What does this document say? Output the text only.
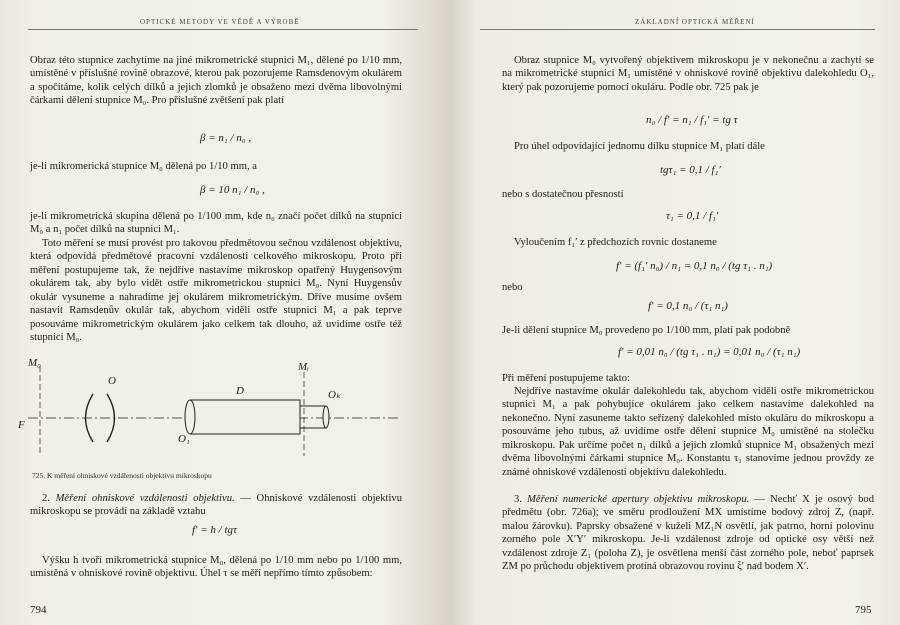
OPTICKÉ METODY VE VĚDĚ A VÝROBĚ

Obraz této stupnice zachytíme na jiné mikrometrické stupnici M₁, dělené po 1/10 mm, umístěné v příslušné rovině obrazové, kterou pak pozorujeme Ramsdenovým okulárem a spočítáme, kolik celých dílků a jejich zlomků je obsaženo mezi dvěma libovolnými čárkami dělení stupnice M₀. Pro příslušné zvětšení pak platí

β = n₁ / n₀ ,

je-li mikromerická stupnice M₀ dělená po 1/10 mm, a

β = 10 n₁ / n₀ ,

je-li mikrometrická skupina dělená po 1/100 mm, kde n₀ značí počet dílků na stupnici M₀ a n₁ počet dílků na stupnici M₁.

Toto měření se musí provést pro takovou předmětovou sečnou vzdálenost objektivu, která odpovídá předmětové pracovní vzdálenosti celkového mikroskopu. Proto při měření postupujeme tak, že nejdříve nastavíme mikroskop opatřený Huygensovým okulárem tak, aby bylo vidět ostře mikrometrickou stupnici M₀. Nyní Huygensův okulár vysuneme a nahradíme jej okulárem mikrometrickým. Dříve musíme ovšem nastavit Ramsdenův okulár tak, abychom viděli ostře stupnici M₁ a pak teprve posouváme mikrometrickým okulárem jako celkem tak dlouho, až uvidíme ostře též stupnici M₀.

M₀
O
D
Mᵢ
Oₖ
F
O₁
725. K měření ohniskové vzdálenosti objektivu mikroskopu

2. Měření ohniskové vzdálenosti objektivu. — Ohniskové vzdálenosti objektivu mikroskopu se provádí na základě vztahu

f′ = h / tgτ

Výšku h tvoří mikrometrická stupnice M₀, dělená po 1/10 mm nebo po 1/100 mm, umístěná v ohniskové rovině objektivu. Úhel τ se měří nepřímo tímto způsobem:

794
ZÁKLADNÍ OPTICKÁ MĚŘENÍ

Obraz stupnice M₀ vytvořený objektivem mikroskopu je v nekonečnu a zachytí se na mikrometrické stupnici M₁ umístěné v ohniskové rovině objektivu dalekohledu O₁, který pak pozorujeme pomocí okuláru. Podle obr. 725 pak je

n₀ / f′ = n₁ / f₁′ = tg τ

Pro úhel odpovídající jednomu dílku stupnice M₁ platí dále

tgτ₁ = 0,1 / f₁′

nebo s dostatečnou přesností

τ₁ = 0,1 / f₁′

Vyloučením f₁′ z předchozích rovnic dostaneme

f′ = (f₁′ n₀) / n₁ = 0,1 n₀ / (tg τ₁ . n₁)

nebo

f′ = 0,1 n₀ / (τ₁ n₁)

Je-li dělení stupnice M₀ provedeno po 1/100 mm, platí pak podobně

f′ = 0,01 n₀ / (tg τ₁ . n₁) = 0,01 n₀ / (τ₁ n₁)

Při měření postupujeme takto:

Nejdříve nastavíme okulár dalekohledu tak, abychom viděli ostře mikrometrickou stupnici M₁ a pak pohybujíce okulárem jako celkem nastavíme dalekohled na nekonečno. Nyní zasuneme takto seřízený dalekohled místo okuláru do mikroskopu a posouváme jeho tubus, až uvidíme ostře dělení stupnice M₀ umístěné na stolečku mikroskopu. Pak určíme počet n₁ dílků a jejich zlomků stupnice M₁ obsažených mezi dvěma libovolnými čárkami stupnice M₀. Konstantu τ₁ stanovíme jednou provždy ze známé ohniskové vzdálenosti objektivu dalekohledu.

3. Měření numerické apertury objektivu mikroskopu. — Nechť X je osový bod předmětu (obr. 726a); ve směru prodloužení MX umístíme bodový zdroj Z, (např. malou žárovku). Paprsky obsažené v kuželi MZ₁N osvětlí, jak patrno, horní polovinu zorného pole X′Y′ mikroskopu. Je-li vzdálenost zdroje od optické osy větší než vzdálenost zdroje Z₁ (poloha Z), je osvětlena menší část zorného pole, neboť paprsek ZM po průchodu objektivem protíná obrazovou rovinu ξ′ nad bodem X′.

795
